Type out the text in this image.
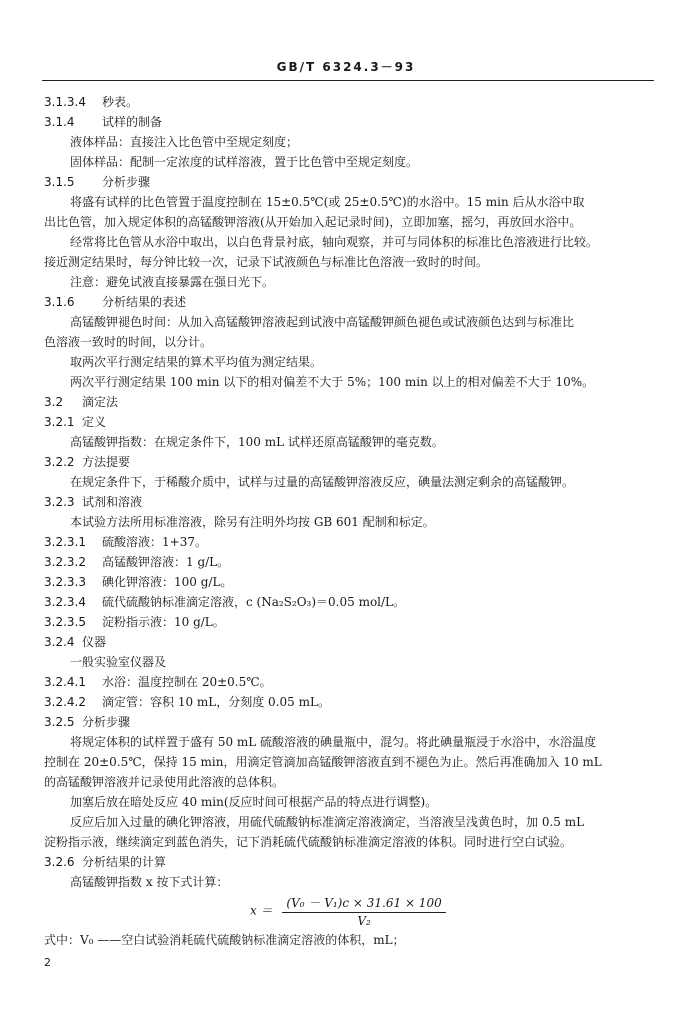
GB/T 6324.3－93
3.1.3.4 秒表。
3.1.4 试样的制备
液体样品：直接注入比色管中至规定刻度；
固体样品：配制一定浓度的试样溶液，置于比色管中至规定刻度。
3.1.5 分析步骤
将盛有试样的比色管置于温度控制在 15±0.5℃(或 25±0.5℃)的水浴中。15 min 后从水浴中取
出比色管，加入规定体积的高锰酸钾溶液(从开始加入起记录时间)，立即加塞，摇匀，再放回水浴中。
经常将比色管从水浴中取出，以白色背景衬底，轴向观察，并可与同体积的标准比色溶液进行比较。
接近测定结果时，每分钟比较一次，记录下试液颜色与标准比色溶液一致时的时间。
注意：避免试液直接暴露在强日光下。
3.1.6 分析结果的表述
高锰酸钾褪色时间：从加入高锰酸钾溶液起到试液中高锰酸钾颜色褪色或试液颜色达到与标准比
色溶液一致时的时间，以分计。
取两次平行测定结果的算术平均值为测定结果。
两次平行测定结果 100 min 以下的相对偏差不大于 5%；100 min 以上的相对偏差不大于 10%。
3.2 滴定法
3.2.1 定义
高锰酸钾指数：在规定条件下，100 mL 试样还原高锰酸钾的毫克数。
3.2.2 方法提要
在规定条件下，于稀酸介质中，试样与过量的高锰酸钾溶液反应，碘量法测定剩余的高锰酸钾。
3.2.3 试剂和溶液
本试验方法所用标准溶液，除另有注明外均按 GB 601 配制和标定。
3.2.3.1 硫酸溶液：1+37。
3.2.3.2 高锰酸钾溶液：1 g/L。
3.2.3.3 碘化钾溶液：100 g/L。
3.2.3.4 硫代硫酸钠标准滴定溶液，c (Na₂S₂O₃)＝0.05 mol/L。
3.2.3.5 淀粉指示液：10 g/L。
3.2.4 仪器
一般实验室仪器及
3.2.4.1 水浴：温度控制在 20±0.5℃。
3.2.4.2 滴定管：容积 10 mL，分刻度 0.05 mL。
3.2.5 分析步骤
将规定体积的试样置于盛有 50 mL 硫酸溶液的碘量瓶中，混匀。将此碘量瓶浸于水浴中，水浴温度
控制在 20±0.5℃，保持 15 min，用滴定管滴加高锰酸钾溶液直到不褪色为止。然后再准确加入 10 mL
的高锰酸钾溶液并记录使用此溶液的总体积。
加塞后放在暗处反应 40 min(反应时间可根据产品的特点进行调整)。
反应后加入过量的碘化钾溶液，用硫代硫酸钠标准滴定溶液滴定，当溶液呈浅黄色时，加 0.5 mL
淀粉指示液，继续滴定到蓝色消失，记下消耗硫代硫酸钠标准滴定溶液的体积。同时进行空白试验。
3.2.6 分析结果的计算
高锰酸钾指数 x 按下式计算：
$x = \frac{\text{(V₀ － V₁)c × 31.61 × 100}}{\text{V₂}}$
式中：V₀ ——空白试验消耗硫代硫酸钠标准滴定溶液的体积，mL；
2
